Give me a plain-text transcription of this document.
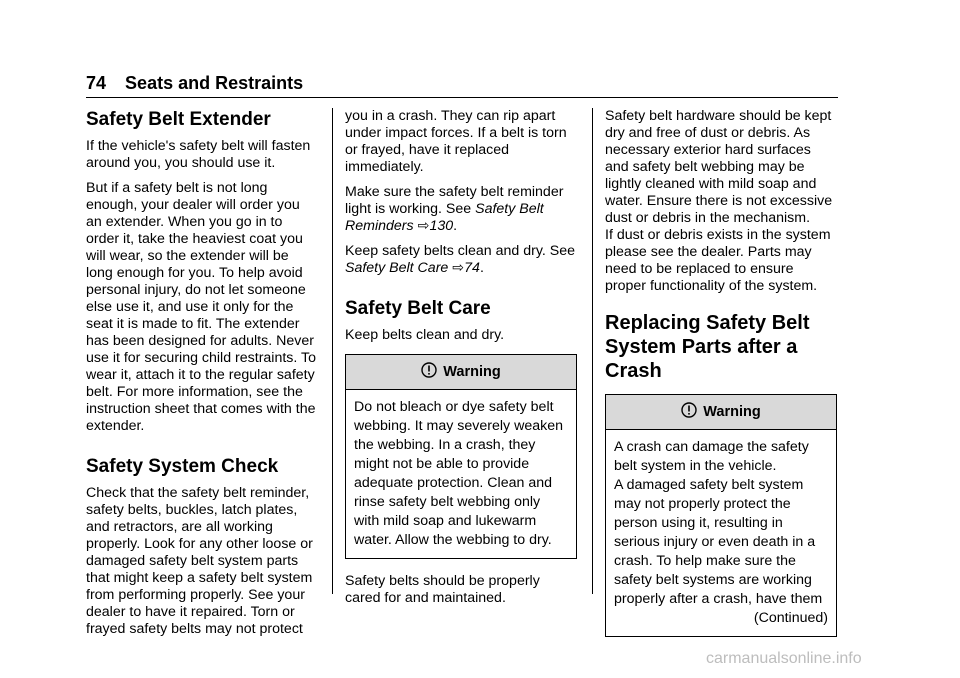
74 Seats and Restraints
Safety Belt Extender

If the vehicle's safety belt will fasten around you, you should use it.

But if a safety belt is not long enough, your dealer will order you an extender. When you go in to order it, take the heaviest coat you will wear, so the extender will be long enough for you. To help avoid personal injury, do not let someone else use it, and use it only for the seat it is made to fit. The extender has been designed for adults. Never use it for securing child restraints. To wear it, attach it to the regular safety belt. For more information, see the instruction sheet that comes with the extender.

Safety System Check

Check that the safety belt reminder, safety belts, buckles, latch plates, and retractors, are all working properly. Look for any other loose or damaged safety belt system parts that might keep a safety belt system from performing properly. See your dealer to have it repaired. Torn or frayed safety belts may not protect

you in a crash. They can rip apart under impact forces. If a belt is torn or frayed, have it replaced immediately.

Make sure the safety belt reminder light is working. See Safety Belt Reminders ⇨130.

Keep safety belts clean and dry. See Safety Belt Care ⇨74.

Safety Belt Care

Keep belts clean and dry.

Warning
Do not bleach or dye safety belt webbing. It may severely weaken the webbing. In a crash, they might not be able to provide adequate protection. Clean and rinse safety belt webbing only with mild soap and lukewarm water. Allow the webbing to dry.

Safety belts should be properly cared for and maintained.

Safety belt hardware should be kept dry and free of dust or debris. As necessary exterior hard surfaces and safety belt webbing may be lightly cleaned with mild soap and water. Ensure there is not excessive dust or debris in the mechanism.

If dust or debris exists in the system please see the dealer. Parts may need to be replaced to ensure proper functionality of the system.

Replacing Safety Belt System Parts after a Crash
Warning
A crash can damage the safety belt system in the vehicle.
A damaged safety belt system may not properly protect the person using it, resulting in serious injury or even death in a crash. To help make sure the safety belt systems are working properly after a crash, have them
(Continued)
carmanualsonline.info
